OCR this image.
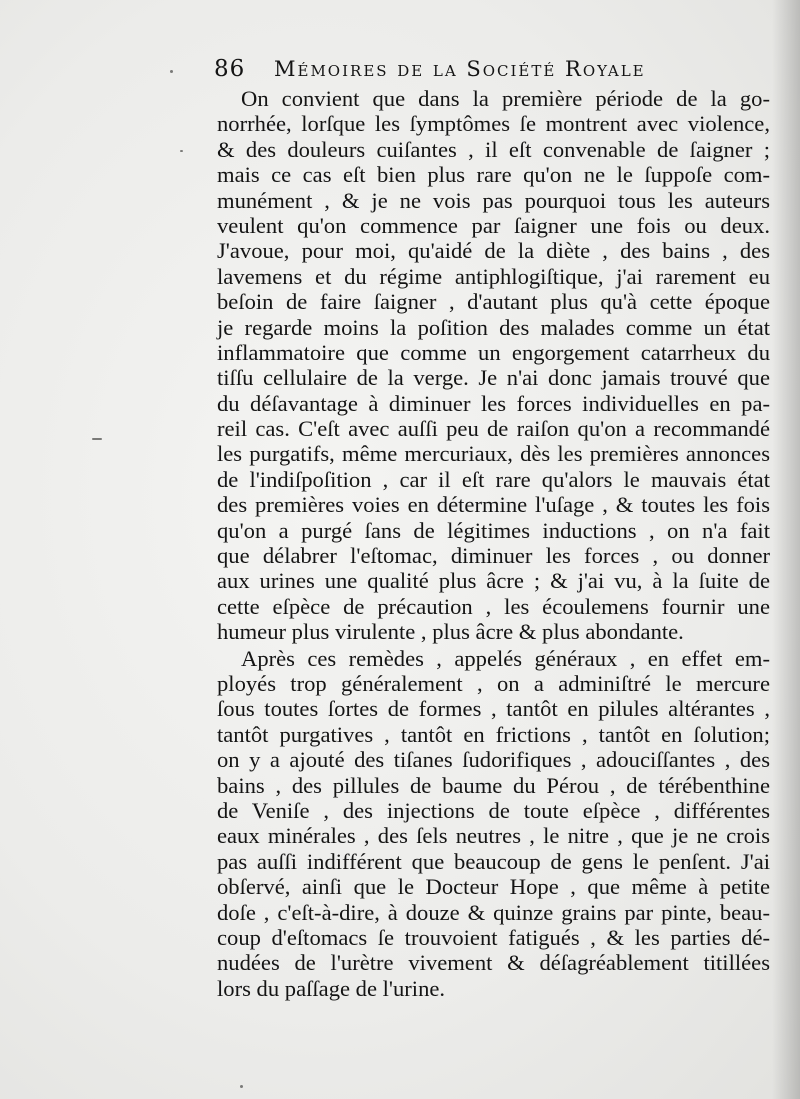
86 Mémoires de la Société Royale
On convient que dans la première période de la go-
norrhée, lorſque les ſymptômes ſe montrent avec violence,
& des douleurs cuiſantes , il eſt convenable de ſaigner ;
mais ce cas eſt bien plus rare qu'on ne le ſuppoſe com-
munément , & je ne vois pas pourquoi tous les auteurs
veulent qu'on commence par ſaigner une fois ou deux.
J'avoue, pour moi, qu'aidé de la diète , des bains , des
lavemens et du régime antiphlogiſtique, j'ai rarement eu
beſoin de faire ſaigner , d'autant plus qu'à cette époque
je regarde moins la poſition des malades comme un état
inflammatoire que comme un engorgement catarrheux du
tiſſu cellulaire de la verge. Je n'ai donc jamais trouvé que
du déſavantage à diminuer les forces individuelles en pa-
reil cas. C'eſt avec auſſi peu de raiſon qu'on a recommandé
les purgatifs, même mercuriaux, dès les premières annonces
de l'indiſpoſition , car il eſt rare qu'alors le mauvais état
des premières voies en détermine l'uſage , & toutes les fois
qu'on a purgé ſans de légitimes inductions , on n'a fait
que délabrer l'eſtomac, diminuer les forces , ou donner
aux urines une qualité plus âcre ; & j'ai vu, à la ſuite de
cette eſpèce de précaution , les écoulemens fournir une
humeur plus virulente , plus âcre & plus abondante.
Après ces remèdes , appelés généraux , en effet em-
ployés trop généralement , on a adminiſtré le mercure
ſous toutes ſortes de formes , tantôt en pilules altérantes ,
tantôt purgatives , tantôt en frictions , tantôt en ſolution;
on y a ajouté des tiſanes ſudorifiques , adouciſſantes , des
bains , des pillules de baume du Pérou , de térébenthine
de Veniſe , des injections de toute eſpèce , différentes
eaux minérales , des ſels neutres , le nitre , que je ne crois
pas auſſi indifférent que beaucoup de gens le penſent. J'ai
obſervé, ainſi que le Docteur Hope , que même à petite
doſe , c'eſt-à-dire, à douze & quinze grains par pinte, beau-
coup d'eſtomacs ſe trouvoient fatigués , & les parties dé-
nudées de l'urètre vivement & déſagréablement titillées
lors du paſſage de l'urine.
